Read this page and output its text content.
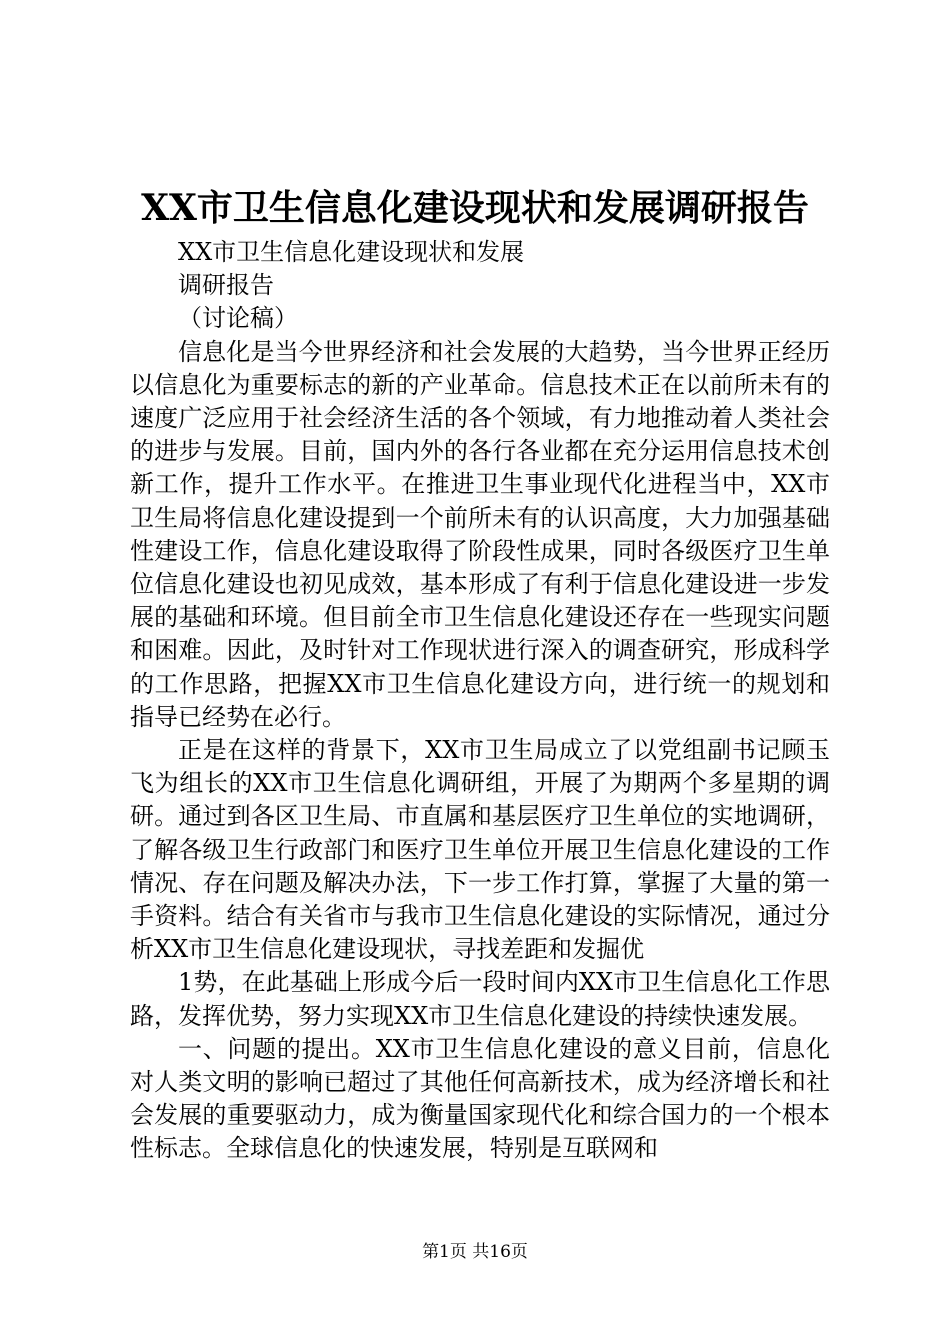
XX市卫生信息化建设现状和发展调研报告

XX市卫生信息化建设现状和发展

调研报告

（讨论稿）

信息化是当今世界经济和社会发展的大趋势，当今世界正经历以信息化为重要标志的新的产业革命。信息技术正在以前所未有的速度广泛应用于社会经济生活的各个领域，有力地推动着人类社会的进步与发展。目前，国内外的各行各业都在充分运用信息技术创新工作，提升工作水平。在推进卫生事业现代化进程当中，XX市卫生局将信息化建设提到一个前所未有的认识高度，大力加强基础性建设工作，信息化建设取得了阶段性成果，同时各级医疗卫生单位信息化建设也初见成效，基本形成了有利于信息化建设进一步发展的基础和环境。但目前全市卫生信息化建设还存在一些现实问题和困难。因此，及时针对工作现状进行深入的调查研究，形成科学的工作思路，把握XX市卫生信息化建设方向，进行统一的规划和指导已经势在必行。

正是在这样的背景下，XX市卫生局成立了以党组副书记顾玉飞为组长的XX市卫生信息化调研组，开展了为期两个多星期的调研。通过到各区卫生局、市直属和基层医疗卫生单位的实地调研，了解各级卫生行政部门和医疗卫生单位开展卫生信息化建设的工作情况、存在问题及解决办法，下一步工作打算，掌握了大量的第一手资料。结合有关省市与我市卫生信息化建设的实际情况，通过分析XX市卫生信息化建设现状，寻找差距和发掘优

1势，在此基础上形成今后一段时间内XX市卫生信息化工作思路，发挥优势，努力实现XX市卫生信息化建设的持续快速发展。

一、问题的提出。XX市卫生信息化建设的意义目前，信息化对人类文明的影响已超过了其他任何高新技术，成为经济增长和社会发展的重要驱动力，成为衡量国家现代化和综合国力的一个根本性标志。全球信息化的快速发展，特别是互联网和

第1页 共16页
